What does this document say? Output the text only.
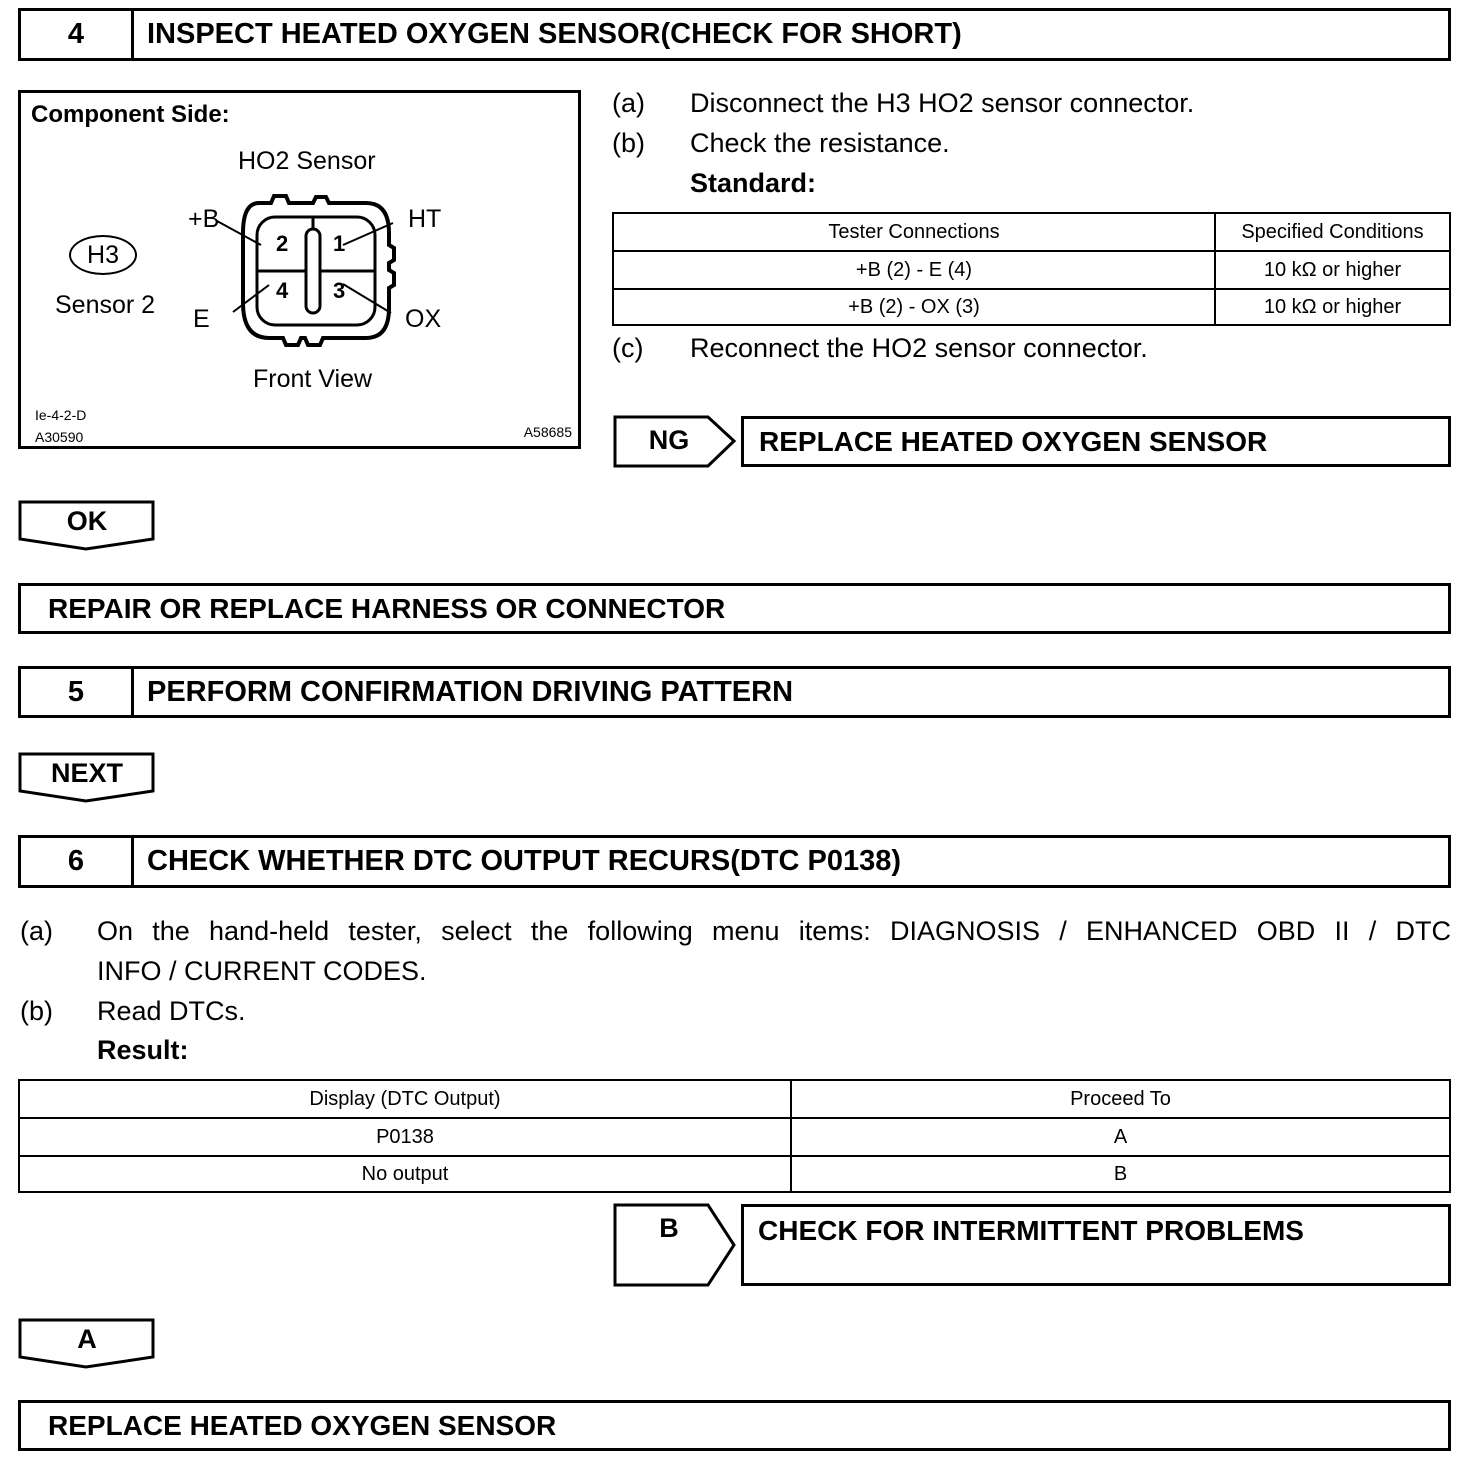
4	INSPECT HEATED OXYGEN SENSOR(CHECK FOR SHORT)
Component Side:
HO2 Sensor
H3
Sensor 2
2 1
4 3
+B	HT
E	OX
Front View
Ie-4-2-D
A30590	A58685
(a) Disconnect the H3 HO2 sensor connector.
(b) Check the resistance.
Standard:
Tester Connections	Specified Conditions
+B (2) - E (4)	10 kΩ or higher
+B (2) - OX (3)	10 kΩ or higher
(c) Reconnect the HO2 sensor connector.
NG	REPLACE HEATED OXYGEN SENSOR
OK
REPAIR OR REPLACE HARNESS OR CONNECTOR
5	PERFORM CONFIRMATION DRIVING PATTERN
NEXT
6	CHECK WHETHER DTC OUTPUT RECURS(DTC P0138)
(a) On the hand-held tester, select the following menu items: DIAGNOSIS / ENHANCED OBD II / DTC
INFO / CURRENT CODES.
(b) Read DTCs.
Result:
Display (DTC Output)	Proceed To
P0138	A
No output	B
B	CHECK FOR INTERMITTENT PROBLEMS
A
REPLACE HEATED OXYGEN SENSOR
